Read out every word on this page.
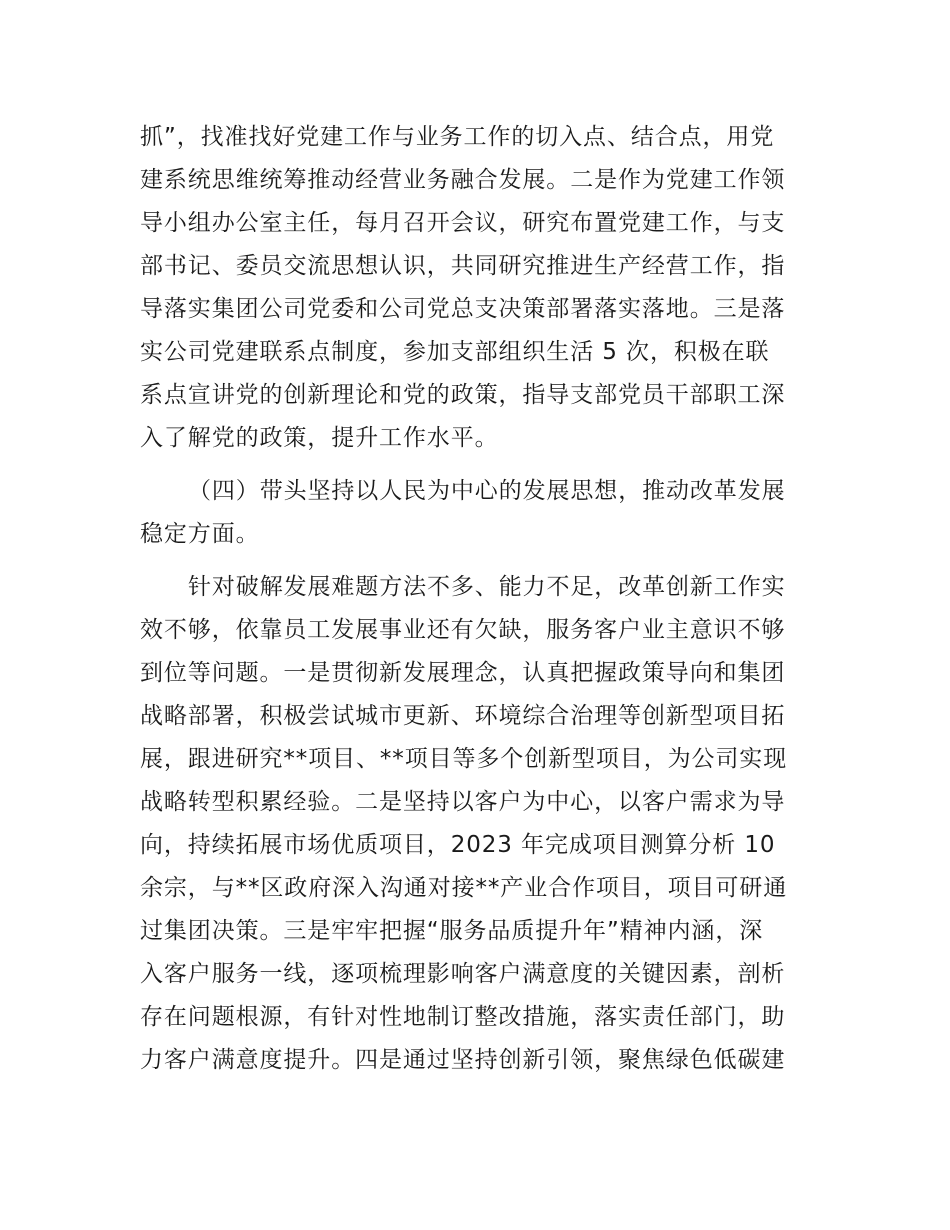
抓”，找准找好党建工作与业务工作的切入点、结合点，用党
建系统思维统筹推动经营业务融合发展。二是作为党建工作领
导小组办公室主任，每月召开会议，研究布置党建工作，与支
部书记、委员交流思想认识，共同研究推进生产经营工作，指
导落实集团公司党委和公司党总支决策部署落实落地。三是落
实公司党建联系点制度，参加支部组织生活 5 次，积极在联
系点宣讲党的创新理论和党的政策，指导支部党员干部职工深
入了解党的政策，提升工作水平。
（四）带头坚持以人民为中心的发展思想，推动改革发展
稳定方面。
针对破解发展难题方法不多、能力不足，改革创新工作实
效不够，依靠员工发展事业还有欠缺，服务客户业主意识不够
到位等问题。一是贯彻新发展理念，认真把握政策导向和集团
战略部署，积极尝试城市更新、环境综合治理等创新型项目拓
展，跟进研究**项目、**项目等多个创新型项目，为公司实现
战略转型积累经验。二是坚持以客户为中心，以客户需求为导
向，持续拓展市场优质项目，2023 年完成项目测算分析 10
余宗，与**区政府深入沟通对接**产业合作项目，项目可研通
过集团决策。三是牢牢把握“服务品质提升年”精神内涵，深
入客户服务一线，逐项梳理影响客户满意度的关键因素，剖析
存在问题根源，有针对性地制订整改措施，落实责任部门，助
力客户满意度提升。四是通过坚持创新引领，聚焦绿色低碳建
